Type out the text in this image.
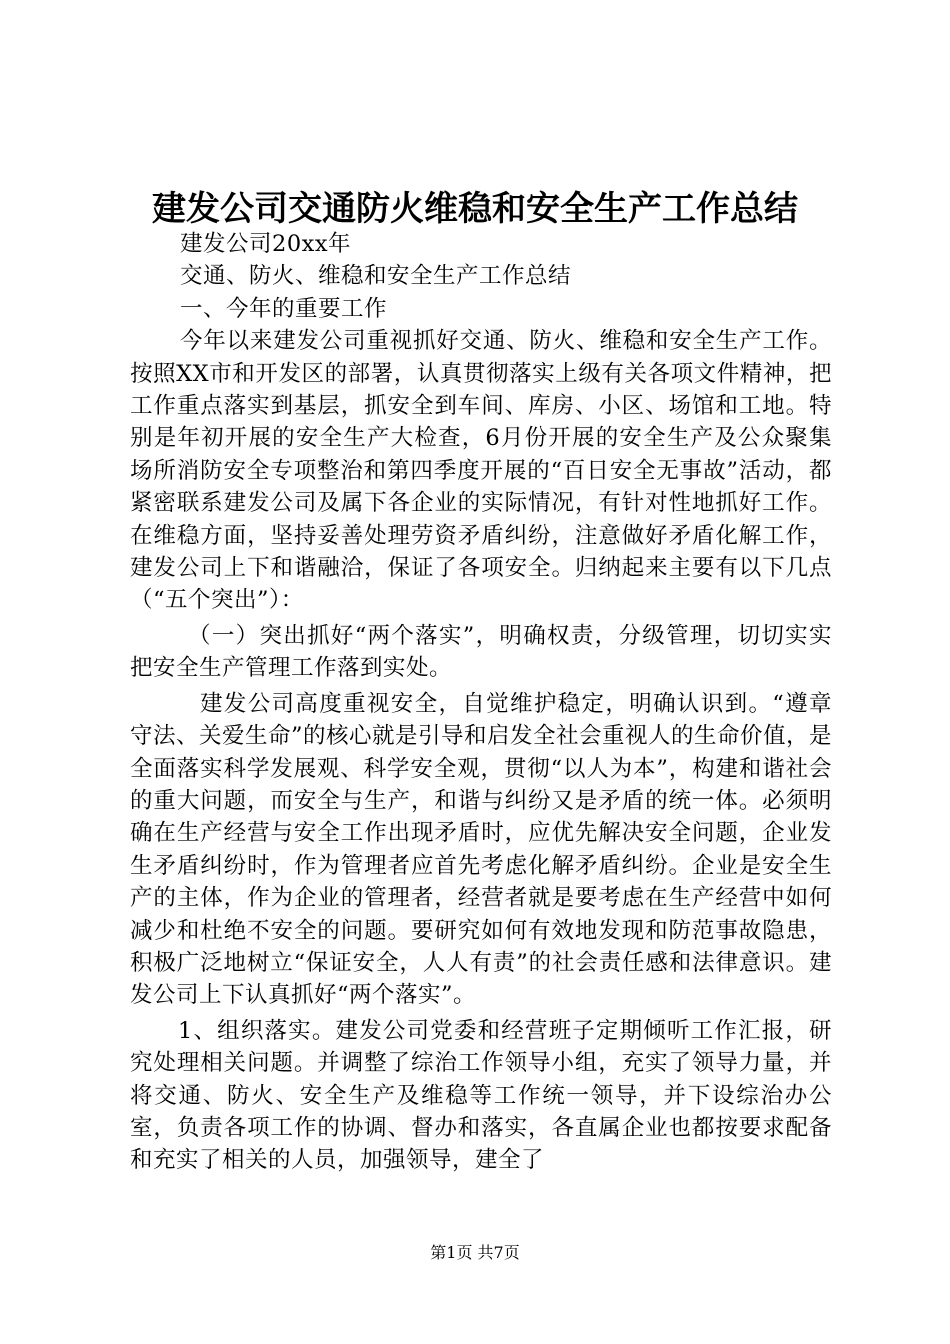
建发公司交通防火维稳和安全生产工作总结

建发公司20xx年

交通、防火、维稳和安全生产工作总结

一、今年的重要工作

今年以来建发公司重视抓好交通、防火、维稳和安全生产工作。按照XX市和开发区的部署，认真贯彻落实上级有关各项文件精神，把工作重点落实到基层，抓安全到车间、库房、小区、场馆和工地。特别是年初开展的安全生产大检查，6月份开展的安全生产及公众聚集场所消防安全专项整治和第四季度开展的“百日安全无事故”活动，都紧密联系建发公司及属下各企业的实际情况，有针对性地抓好工作。在维稳方面，坚持妥善处理劳资矛盾纠纷，注意做好矛盾化解工作，建发公司上下和谐融洽，保证了各项安全。归纳起来主要有以下几点（“五个突出”）：

（一）突出抓好“两个落实”，明确权责，分级管理，切切实实把安全生产管理工作落到实处。

建发公司高度重视安全，自觉维护稳定，明确认识到。“遵章守法、关爱生命”的核心就是引导和启发全社会重视人的生命价值，是全面落实科学发展观、科学安全观，贯彻“以人为本”，构建和谐社会的重大问题，而安全与生产，和谐与纠纷又是矛盾的统一体。必须明确在生产经营与安全工作出现矛盾时，应优先解决安全问题，企业发生矛盾纠纷时，作为管理者应首先考虑化解矛盾纠纷。企业是安全生产的主体，作为企业的管理者，经营者就是要考虑在生产经营中如何减少和杜绝不安全的问题。要研究如何有效地发现和防范事故隐患，积极广泛地树立“保证安全，人人有责”的社会责任感和法律意识。建发公司上下认真抓好“两个落实”。

1、组织落实。建发公司党委和经营班子定期倾听工作汇报，研究处理相关问题。并调整了综治工作领导小组，充实了领导力量，并将交通、防火、安全生产及维稳等工作统一领导，并下设综治办公室，负责各项工作的协调、督办和落实，各直属企业也都按要求配备和充实了相关的人员，加强领导，建全了

第1页 共7页
